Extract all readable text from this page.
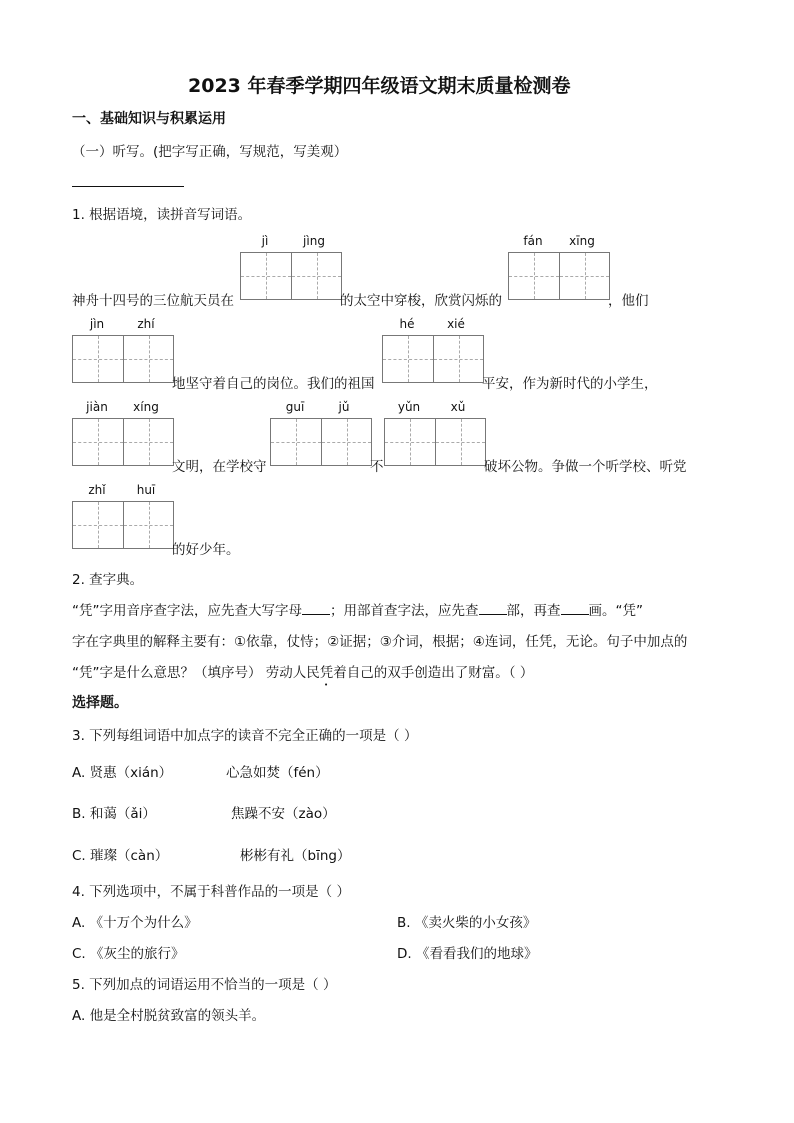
2023 年春季学期四年级语文期末质量检测卷
一、基础知识与积累运用
（一）听写。(把字写正确，写规范，写美观）
1. 根据语境，读拼音写词语。
jì	jìng
神舟十四号的三位航天员在	的太空中穿梭，欣赏闪烁的
fán	xīng
，他们
jìn	zhí
地坚守着自己的岗位。我们的祖国
hé	xié
平安，作为新时代的小学生，
jiàn	xíng
文明，在学校守
guī	jǔ
不
yǔn	xǔ
破坏公物。争做一个听学校、听党
zhǐ	huī
的好少年。
2. 查字典。
“凭”字用音序查字法，应先查大写字母 ；用部首查字法，应先查 部，再查 画。“凭”
字在字典里的解释主要有：①依靠，仗恃；②证据；③介词，根据；④连词，任凭，无论。句子中加点的
“凭”字是什么意思？（填序号） 劳动人民凭着自己的双手创造出了财富。（ ）
选择题。
3. 下列每组词语中加点字的读音不完全正确的一项是（ ）
A. 贤惠（xián）	心急如焚（fén）
B. 和蔼（ǎi）	焦躁不安（zào）
C. 璀璨（càn）	彬彬有礼（bīng）
4. 下列选项中，不属于科普作品的一项是（ ）
A. 《十万个为什么》	B. 《卖火柴的小女孩》
C. 《灰尘的旅行》	D. 《看看我们的地球》
5. 下列加点的词语运用不恰当的一项是（ ）
A. 他是全村脱贫致富的领头羊。
